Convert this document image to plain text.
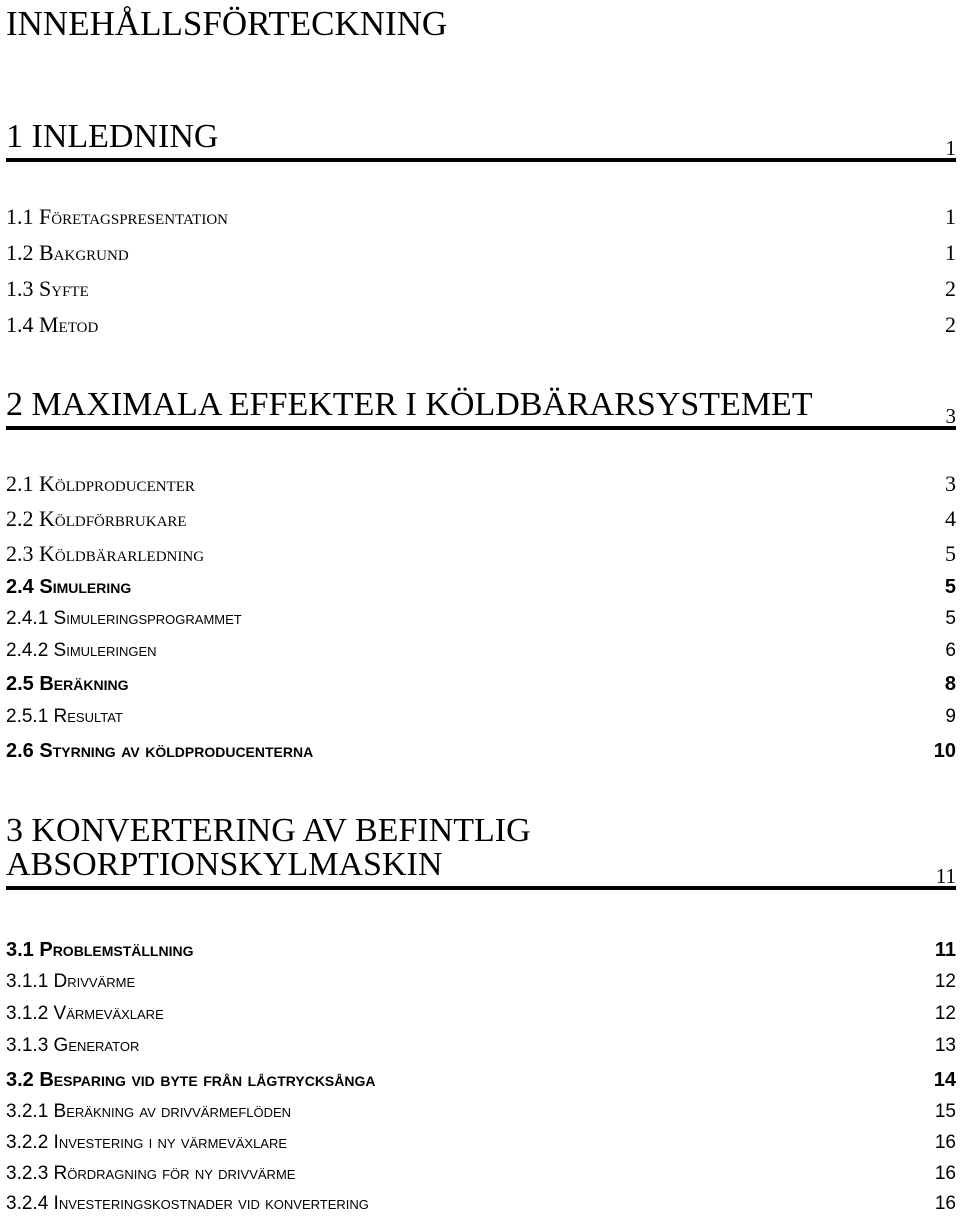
INNEHÅLLSFÖRTECKNING
1 INLEDNING	1
1.1 Företagspresentation	1
1.2 Bakgrund	1
1.3 Syfte	2
1.4 Metod	2
2 MAXIMALA EFFEKTER I KÖLDBÄRARSYSTEMET	3
2.1 Köldproducenter	3
2.2 Köldförbrukare	4
2.3 Köldbärarledning	5
2.4 Simulering	5
2.4.1 Simuleringsprogrammet	5
2.4.2 Simuleringen	6
2.5 Beräkning	8
2.5.1 Resultat	9
2.6 Styrning av köldproducenterna	10
3 KONVERTERING AV BEFINTLIG
ABSORPTIONSKYLMASKIN	11
3.1 Problemställning	11
3.1.1 Drivvärme	12
3.1.2 Värmeväxlare	12
3.1.3 Generator	13
3.2 Besparing vid byte från lågtrycksånga	14
3.2.1 Beräkning av drivvärmeflöden	15
3.2.2 Investering i ny värmeväxlare	16
3.2.3 Rördragning för ny drivvärme	16
3.2.4 Investeringskostnader vid konvertering	16
